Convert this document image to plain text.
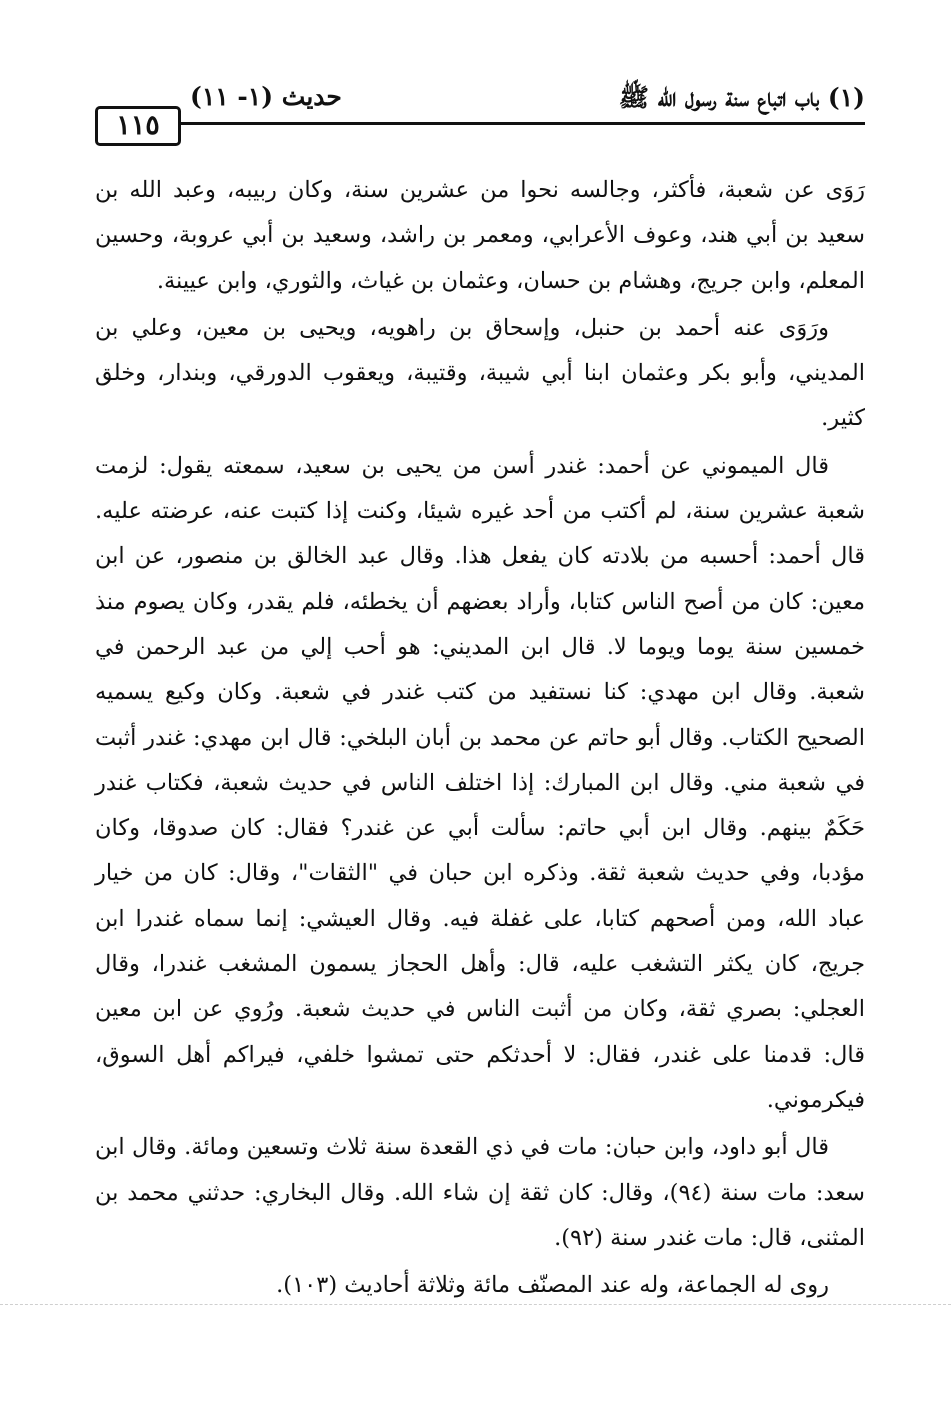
(١) باب اتباع سنة رسول الله ﷺ
حديث (١- ١١)
١١٥

رَوَى عن شعبة، فأكثر، وجالسه نحوا من عشرين سنة، وكان ربيبه، وعبد الله بن سعيد بن أبي هند، وعوف الأعرابي، ومعمر بن راشد، وسعيد بن أبي عروبة، وحسين المعلم، وابن جريج، وهشام بن حسان، وعثمان بن غياث، والثوري، وابن عيينة.

ورَوَى عنه أحمد بن حنبل، وإسحاق بن راهويه، ويحيى بن معين، وعلي بن المديني، وأبو بكر وعثمان ابنا أبي شيبة، وقتيبة، ويعقوب الدورقي، وبندار، وخلق كثير.

قال الميموني عن أحمد: غندر أسن من يحيى بن سعيد، سمعته يقول: لزمت شعبة عشرين سنة، لم أكتب من أحد غيره شيئا، وكنت إذا كتبت عنه، عرضته عليه. قال أحمد: أحسبه من بلادته كان يفعل هذا. وقال عبد الخالق بن منصور، عن ابن معين: كان من أصح الناس كتابا، وأراد بعضهم أن يخطئه، فلم يقدر، وكان يصوم منذ خمسين سنة يوما ويوما لا. قال ابن المديني: هو أحب إلي من عبد الرحمن في شعبة. وقال ابن مهدي: كنا نستفيد من كتب غندر في شعبة. وكان وكيع يسميه الصحيح الكتاب. وقال أبو حاتم عن محمد بن أبان البلخي: قال ابن مهدي: غندر أثبت في شعبة مني. وقال ابن المبارك: إذا اختلف الناس في حديث شعبة، فكتاب غندر حَكَمٌ بينهم. وقال ابن أبي حاتم: سألت أبي عن غندر؟ فقال: كان صدوقا، وكان مؤدبا، وفي حديث شعبة ثقة. وذكره ابن حبان في "الثقات"، وقال: كان من خيار عباد الله، ومن أصحهم كتابا، على غفلة فيه. وقال العيشي: إنما سماه غندرا ابن جريج، كان يكثر التشغب عليه، قال: وأهل الحجاز يسمون المشغب غندرا، وقال العجلي: بصري ثقة، وكان من أثبت الناس في حديث شعبة. ورُوي عن ابن معين قال: قدمنا على غندر، فقال: لا أحدثكم حتى تمشوا خلفي، فيراكم أهل السوق، فيكرموني.

قال أبو داود، وابن حبان: مات في ذي القعدة سنة ثلاث وتسعين ومائة. وقال ابن سعد: مات سنة (٩٤)، وقال: كان ثقة إن شاء الله. وقال البخاري: حدثني محمد بن المثنى، قال: مات غندر سنة (٩٢).

روى له الجماعة، وله عند المصنّف مائة وثلاثة أحاديث (١٠٣).
